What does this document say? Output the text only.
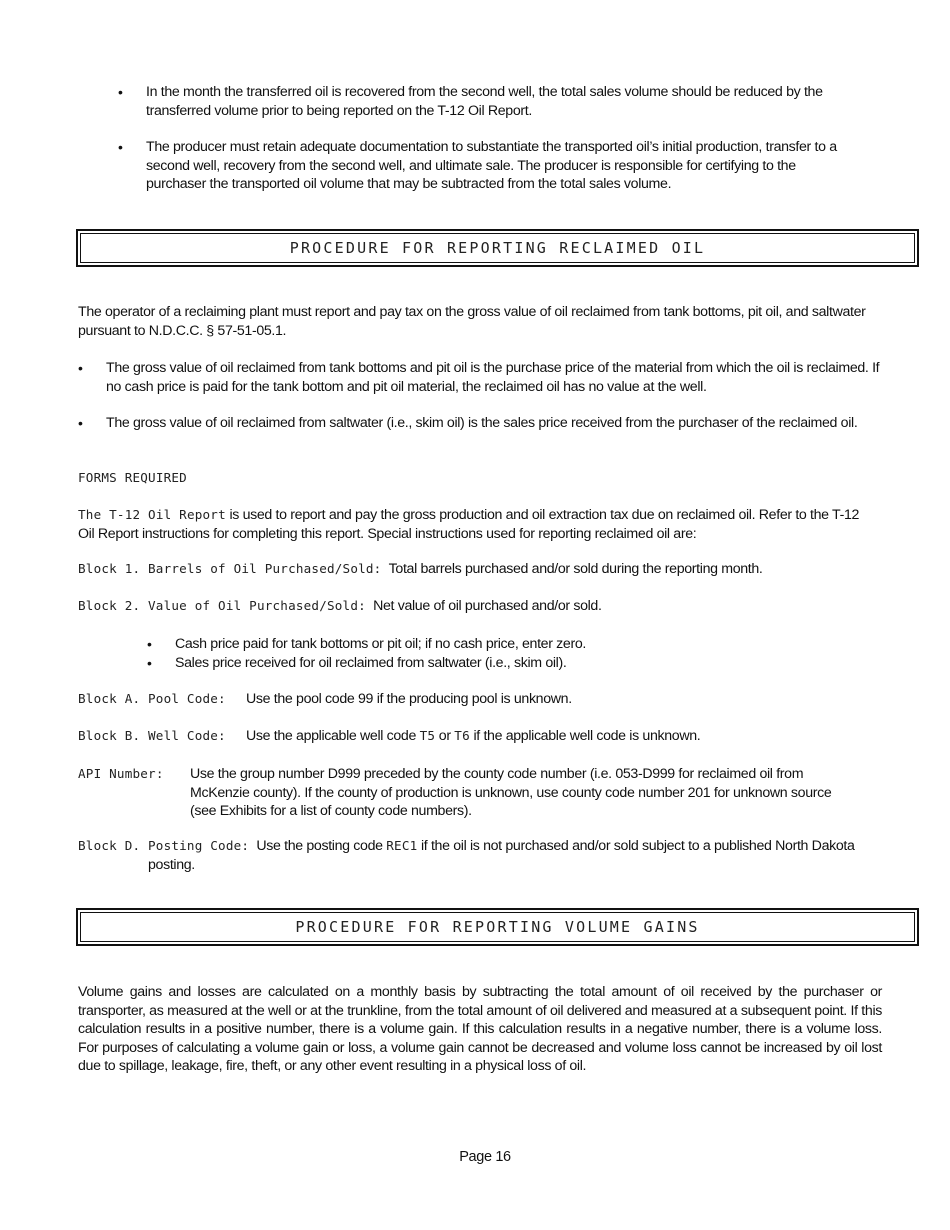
•	In the month the transferred oil is recovered from the second well, the total sales volume should be reduced by the transferred volume prior to being reported on the T-12 Oil Report.
•	The producer must retain adequate documentation to substantiate the transported oil’s initial production, transfer to a second well, recovery from the second well, and ultimate sale. The producer is responsible for certifying to the purchaser the transported oil volume that may be subtracted from the total sales volume.
PROCEDURE FOR REPORTING RECLAIMED OIL
The operator of a reclaiming plant must report and pay tax on the gross value of oil reclaimed from tank bottoms, pit oil, and saltwater pursuant to N.D.C.C. § 57-51-05.1.
•	The gross value of oil reclaimed from tank bottoms and pit oil is the purchase price of the material from which the oil is reclaimed. If no cash price is paid for the tank bottom and pit oil material, the reclaimed oil has no value at the well.
•	The gross value of oil reclaimed from saltwater (i.e., skim oil) is the sales price received from the purchaser of the reclaimed oil.
FORMS REQUIRED
The T-12 Oil Report is used to report and pay the gross production and oil extraction tax due on reclaimed oil. Refer to the T-12 Oil Report instructions for completing this report. Special instructions used for reporting reclaimed oil are:
Block 1. Barrels of Oil Purchased/Sold: Total barrels purchased and/or sold during the reporting month.
Block 2. Value of Oil Purchased/Sold: Net value of oil purchased and/or sold.
•	Cash price paid for tank bottoms or pit oil; if no cash price, enter zero.
•	Sales price received for oil reclaimed from saltwater (i.e., skim oil).
Block A. Pool Code: Use the pool code 99 if the producing pool is unknown.
Block B. Well Code: Use the applicable well code T5 or T6 if the applicable well code is unknown.
API Number: Use the group number D999 preceded by the county code number (i.e. 053-D999 for reclaimed oil from McKenzie county). If the county of production is unknown, use county code number 201 for unknown source (see Exhibits for a list of county code numbers).
Block D. Posting Code: Use the posting code REC1 if the oil is not purchased and/or sold subject to a published North Dakota posting.
PROCEDURE FOR REPORTING VOLUME GAINS
Volume gains and losses are calculated on a monthly basis by subtracting the total amount of oil received by the purchaser or transporter, as measured at the well or at the trunkline, from the total amount of oil delivered and measured at a subsequent point. If this calculation results in a positive number, there is a volume gain. If this calculation results in a negative number, there is a volume loss. For purposes of calculating a volume gain or loss, a volume gain cannot be decreased and volume loss cannot be increased by oil lost due to spillage, leakage, fire, theft, or any other event resulting in a physical loss of oil.
Page 16
